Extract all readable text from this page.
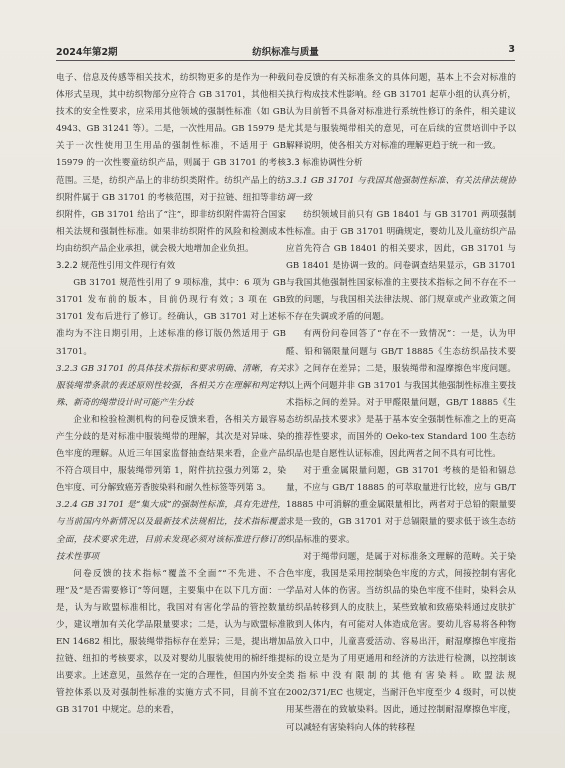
2024年第2期	纺织标准与质量	3

电子、信息及传感等相关技术，纺织物更多的是作为一种载体形式呈现，其中纺织物部分应符合 GB 31701，其他相关技术的安全性要求，应采用其他领域的强制性标准（如 GB 4943、GB 31241 等）。二是，一次性用品。GB 15979 是关于一次性使用卫生用品的强制性标准，不适用于 GB 15979 的一次性婴童纺织产品，则属于 GB 31701 的考核范围。三是，纺织产品上的非纺织类附件。纺织产品上的纺织附件属于 GB 31701 的考核范围，对于拉链、纽扣等非纺织附件，GB 31701 给出了“注”，即非纺织附件需符合国家相关法规和强制性标准。如果非纺织附件的风险和检测成本均由纺织产品企业承担，就会极大地增加企业负担。

3.2.2 规范性引用文件现行有效

GB 31701 规范性引用了 9 项标准，其中：6 项为 GB 31701 发布前的版本，目前仍现行有效；3 项在 GB 31701 发布后进行了修订。经确认，GB 31701 对上述标准均为不注日期引用，上述标准的修订版仍然适用于 GB 31701。

3.2.3 GB 31701 的具体技术指标和要求明确、清晰，有关服装绳带条款的表述原则性较强，各相关方在理解和判定特殊、新奇的绳带设计时可能产生分歧

企业和检验检测机构的问卷反馈来看，各相关方最容易产生分歧的是对标准中服装绳带的理解，其次是对异味、染色牢度的理解。从近三年国家监督抽查结果来看，企业产品不符合项目中，服装绳带列第 1，附件抗拉强力列第 2，染色牢度、可分解致癌芳香胺染料和耐久性标签等列第 3。

3.2.4 GB 31701 是“集大成”的强制性标准，具有先进性，与当前国内外新情况以及最新技术法规相比，技术指标覆盖全面，技术要求先进，目前未发现必须对该标准进行修订的技术性事项

问卷反馈的技术指标“覆盖不全面”“不先进、不合理”及“是否需要修订”等问题，主要集中在以下几方面：一是，认为与欧盟标准相比，我国对有害化学品的管控数量少，建议增加有关化学品限量要求；二是，认为与欧盟标准 EN 14682 相比，服装绳带指标存在差异；三是，提出增加拉链、纽扣的考核要求，以及对婴幼儿服装使用的棉纤维提出要求。上述意见，虽然存在一定的合理性，但国内外安全管控体系以及对强制性标准的实施方式不同，目前不宜在 GB 31701 中规定。总的来看，

问卷反馈的有关标准条文的具体问题，基本上不会对标准的执行构成技术性影响。经 GB 31701 起草小组的认真分析，认为目前暂不具备对标准进行系统性修订的条件，相关建议尤其是与服装绳带相关的意见，可在后续的宣贯培训中予以解释说明，使各相关方对标准的理解更趋于统一和一致。

3.3 标准协调性分析

3.3.1 GB 31701 与我国其他强制性标准、有关法律法规协调一致

纺织领域目前只有 GB 18401 与 GB 31701 两项强制性标准。由于 GB 31701 明确规定，婴幼儿及儿童纺织产品应首先符合 GB 18401 的相关要求，因此，GB 31701 与 GB 18401 是协调一致的。问卷调查结果显示，GB 31701 与我国其他强制性国家标准的主要技术指标之间不存在不一致的问题，与我国相关法律法规、部门规章或产业政策之间不存在失调或矛盾的问题。

有两份问卷回答了“存在不一致情况”：一是，认为甲醛、铅和镉限量问题与 GB/T 18885《生态纺织品技术要求》之间存在差异；二是，服装绳带和湿摩擦色牢度问题。以上两个问题并非 GB 31701 与我国其他强制性标准主要技术指标之间的差异。对于甲醛限量问题，GB/T 18885《生态纺织品技术要求》是基于基本安全强制性标准之上的更高的推荐性要求，而国外的 Oeko-tex Standard 100 生态纺织品也是自愿性认证标准，因此两者之间不具有可比性。

对于重金属限量问题，GB 31701 考核的是铅和镉总量，不应与 GB/T 18885 的可萃取量进行比较，应与 GB/T 18885 中可消解的重金属限量相比，两者对于总铅的限量要求是一致的，GB 31701 对于总镉限量的要求低于该生态纺织品标准的要求。

对于绳带问题，是属于对标准条文理解的范畴。关于染色牢度，我国是采用控制染色牢度的方式，间接控制有害化学品对人体的伤害。当纺织品的染色牢度不佳时，染料会从纺织品转移到人的皮肤上，某些致敏和致癌染料通过皮肤扩散到人体内，有可能对人体造成危害。要幼儿容易将各种物品放入口中，儿童喜爱活动、容易出汗，耐湿摩擦色牢度指标的设立是为了用更通用和经济的方法进行检测，以控制该类指标中没有限制的其他有害染料。欧盟法规 2002/371/EC 也规定，当耐汗色牢度至少 4 级时，可以使用某些潜在的致敏染料。因此，通过控制耐湿摩擦色牢度，可以减轻有害染料向人体的转移程
